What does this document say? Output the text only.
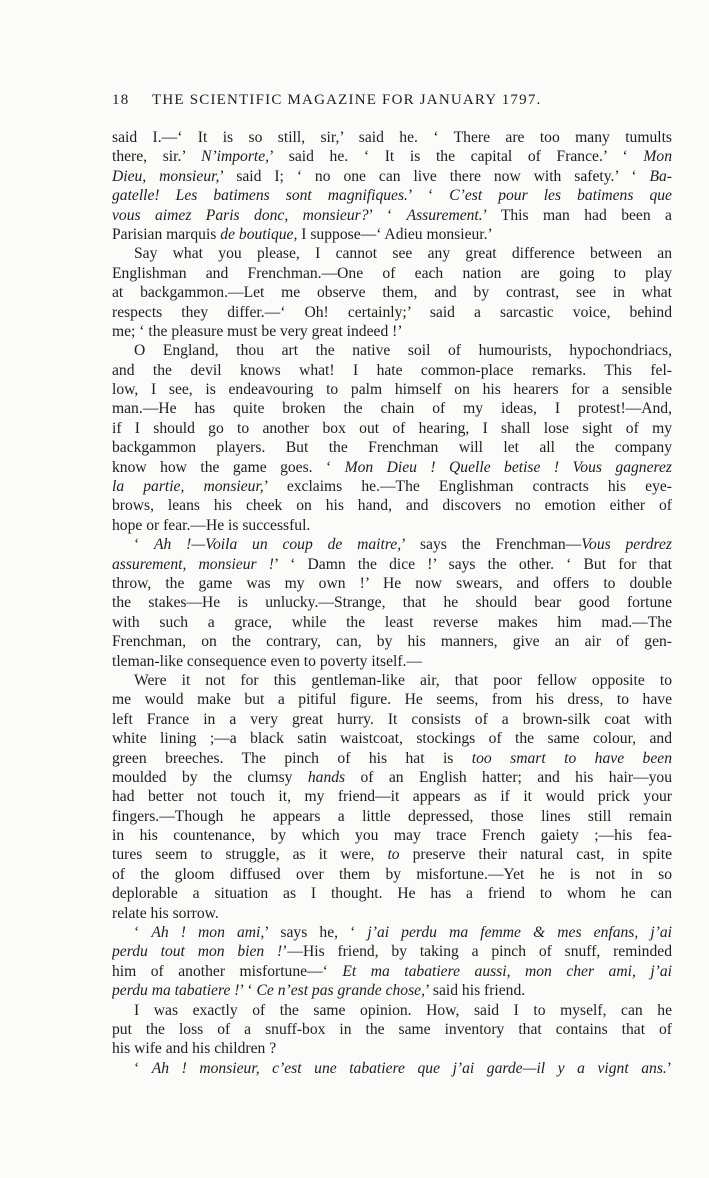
18 THE SCIENTIFIC MAGAZINE FOR JANUARY 1797.
said I.—‘ It is so still, sir,’ said he. ‘ There are too many tumults
there, sir.’ N’importe,’ said he. ‘ It is the capital of France.’ ‘ Mon
Dieu, monsieur,’ said I; ‘ no one can live there now with safety.’ ‘ Ba-
gatelle! Les batimens sont magnifiques.’ ‘ C’est pour les batimens que
vous aimez Paris donc, monsieur?’ ‘ Assurement.’ This man had been a
Parisian marquis de boutique, I suppose—‘ Adieu monsieur.’
Say what you please, I cannot see any great difference between an
Englishman and Frenchman.—One of each nation are going to play
at backgammon.—Let me observe them, and by contrast, see in what
respects they differ.—‘ Oh! certainly;’ said a sarcastic voice, behind
me; ‘ the pleasure must be very great indeed !’
O England, thou art the native soil of humourists, hypochondriacs,
and the devil knows what! I hate common-place remarks. This fel-
low, I see, is endeavouring to palm himself on his hearers for a sensible
man.—He has quite broken the chain of my ideas, I protest!—And,
if I should go to another box out of hearing, I shall lose sight of my
backgammon players. But the Frenchman will let all the company
know how the game goes. ‘ Mon Dieu ! Quelle betise ! Vous gagnerez
la partie, monsieur,’ exclaims he.—The Englishman contracts his eye-
brows, leans his cheek on his hand, and discovers no emotion either of
hope or fear.—He is successful.
‘ Ah !—Voila un coup de maitre,’ says the Frenchman—Vous perdrez
assurement, monsieur !’ ‘ Damn the dice !’ says the other. ‘ But for that
throw, the game was my own !’ He now swears, and offers to double
the stakes—He is unlucky.—Strange, that he should bear good fortune
with such a grace, while the least reverse makes him mad.—The
Frenchman, on the contrary, can, by his manners, give an air of gen-
tleman-like consequence even to poverty itself.—
Were it not for this gentleman-like air, that poor fellow opposite to
me would make but a pitiful figure. He seems, from his dress, to have
left France in a very great hurry. It consists of a brown-silk coat with
white lining ;—a black satin waistcoat, stockings of the same colour, and
green breeches. The pinch of his hat is too smart to have been
moulded by the clumsy hands of an English hatter; and his hair—you
had better not touch it, my friend—it appears as if it would prick your
fingers.—Though he appears a little depressed, those lines still remain
in his countenance, by which you may trace French gaiety ;—his fea-
tures seem to struggle, as it were, to preserve their natural cast, in spite
of the gloom diffused over them by misfortune.—Yet he is not in so
deplorable a situation as I thought. He has a friend to whom he can
relate his sorrow.
‘ Ah ! mon ami,’ says he, ‘ j’ai perdu ma femme & mes enfans, j’ai
perdu tout mon bien !’—His friend, by taking a pinch of snuff, reminded
him of another misfortune—‘ Et ma tabatiere aussi, mon cher ami, j’ai
perdu ma tabatiere !’ ‘ Ce n’est pas grande chose,’ said his friend.
I was exactly of the same opinion. How, said I to myself, can he
put the loss of a snuff-box in the same inventory that contains that of
his wife and his children ?
‘ Ah ! monsieur, c’est une tabatiere que j’ai garde—il y a vignt ans.’
